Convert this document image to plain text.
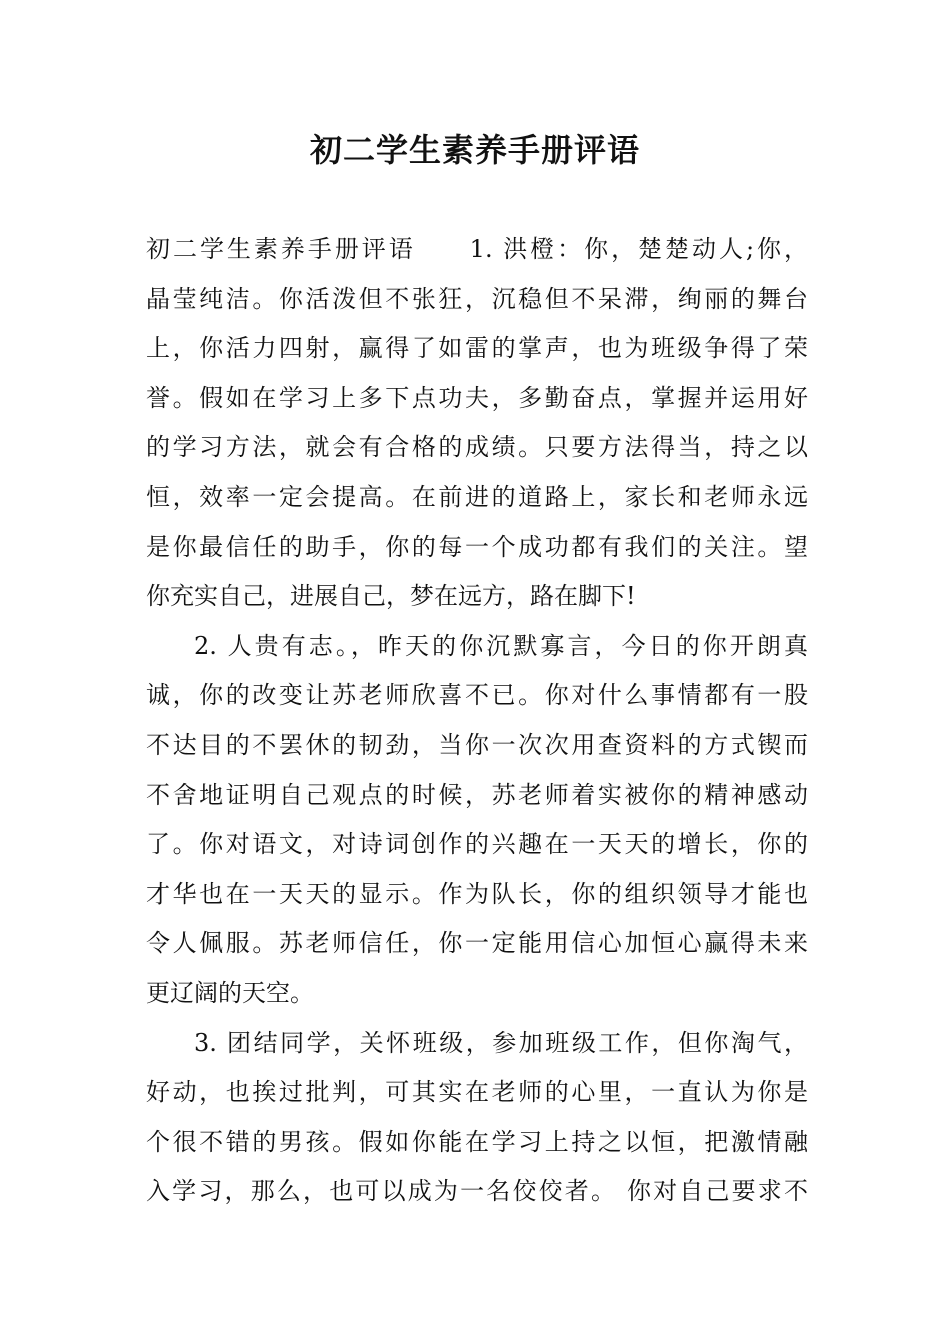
初二学生素养手册评语
初二学生素养手册评语　　1. 洪橙：你，楚楚动人;你，
晶莹纯洁。你活泼但不张狂，沉稳但不呆滞，绚丽的舞台
上，你活力四射，赢得了如雷的掌声，也为班级争得了荣
誉。假如在学习上多下点功夫，多勤奋点，掌握并运用好
的学习方法，就会有合格的成绩。只要方法得当，持之以
恒，效率一定会提高。在前进的道路上，家长和老师永远
是你最信任的助手，你的每一个成功都有我们的关注。望
你充实自己，进展自己，梦在远方，路在脚下!
2. 人贵有志。，昨天的你沉默寡言，今日的你开朗真
诚，你的改变让苏老师欣喜不已。你对什么事情都有一股
不达目的不罢休的韧劲，当你一次次用查资料的方式锲而
不舍地证明自己观点的时候，苏老师着实被你的精神感动
了。你对语文，对诗词创作的兴趣在一天天的增长，你的
才华也在一天天的显示。作为队长，你的组织领导才能也
令人佩服。苏老师信任，你一定能用信心加恒心赢得未来
更辽阔的天空。
3. 团结同学，关怀班级，参加班级工作，但你淘气，
好动，也挨过批判，可其实在老师的心里，一直认为你是
个很不错的男孩。假如你能在学习上持之以恒，把激情融
入学习，那么，也可以成为一名佼佼者。 你对自己要求不
